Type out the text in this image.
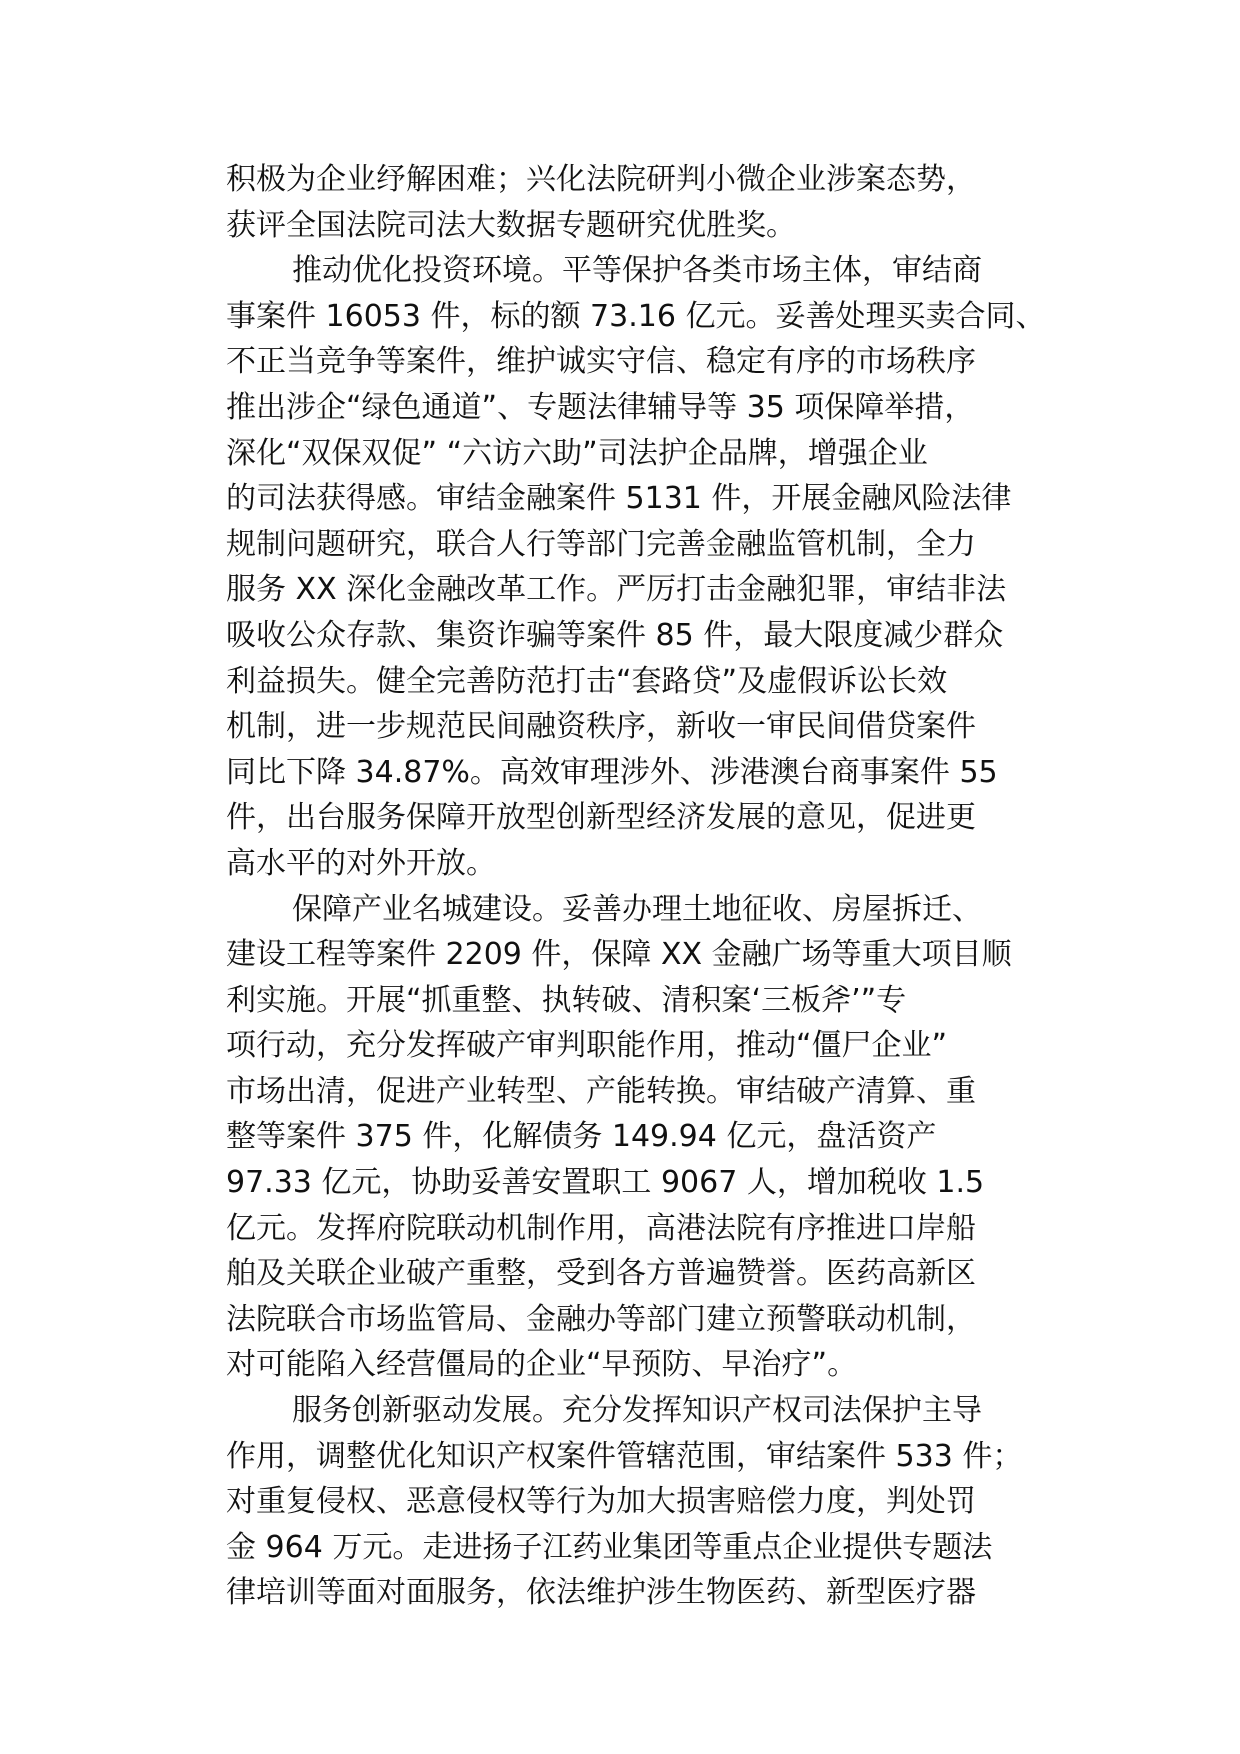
积极为企业纾解困难；兴化法院研判小微企业涉案态势，
获评全国法院司法大数据专题研究优胜奖。
推动优化投资环境。平等保护各类市场主体，审结商
事案件 16053 件，标的额 73.16 亿元。妥善处理买卖合同、
不正当竞争等案件，维护诚实守信、稳定有序的市场秩序
推出涉企“绿色通道”、专题法律辅导等 35 项保障举措，
深化“双保双促” “六访六助”司法护企品牌，增强企业
的司法获得感。审结金融案件 5131 件，开展金融风险法律
规制问题研究，联合人行等部门完善金融监管机制，全力
服务 XX 深化金融改革工作。严厉打击金融犯罪，审结非法
吸收公众存款、集资诈骗等案件 85 件，最大限度减少群众
利益损失。健全完善防范打击“套路贷”及虚假诉讼长效
机制，进一步规范民间融资秩序，新收一审民间借贷案件
同比下降 34.87%。高效审理涉外、涉港澳台商事案件 55
件，出台服务保障开放型创新型经济发展的意见，促进更
高水平的对外开放。
保障产业名城建设。妥善办理土地征收、房屋拆迁、
建设工程等案件 2209 件，保障 XX 金融广场等重大项目顺
利实施。开展“抓重整、执转破、清积案‘三板斧’”专
项行动，充分发挥破产审判职能作用，推动“僵尸企业”
市场出清，促进产业转型、产能转换。审结破产清算、重
整等案件 375 件，化解债务 149.94 亿元，盘活资产
97.33 亿元，协助妥善安置职工 9067 人，增加税收 1.5
亿元。发挥府院联动机制作用，高港法院有序推进口岸船
舶及关联企业破产重整，受到各方普遍赞誉。医药高新区
法院联合市场监管局、金融办等部门建立预警联动机制，
对可能陷入经营僵局的企业“早预防、早治疗”。
服务创新驱动发展。充分发挥知识产权司法保护主导
作用，调整优化知识产权案件管辖范围，审结案件 533 件；
对重复侵权、恶意侵权等行为加大损害赔偿力度，判处罚
金 964 万元。走进扬子江药业集团等重点企业提供专题法
律培训等面对面服务，依法维护涉生物医药、新型医疗器
